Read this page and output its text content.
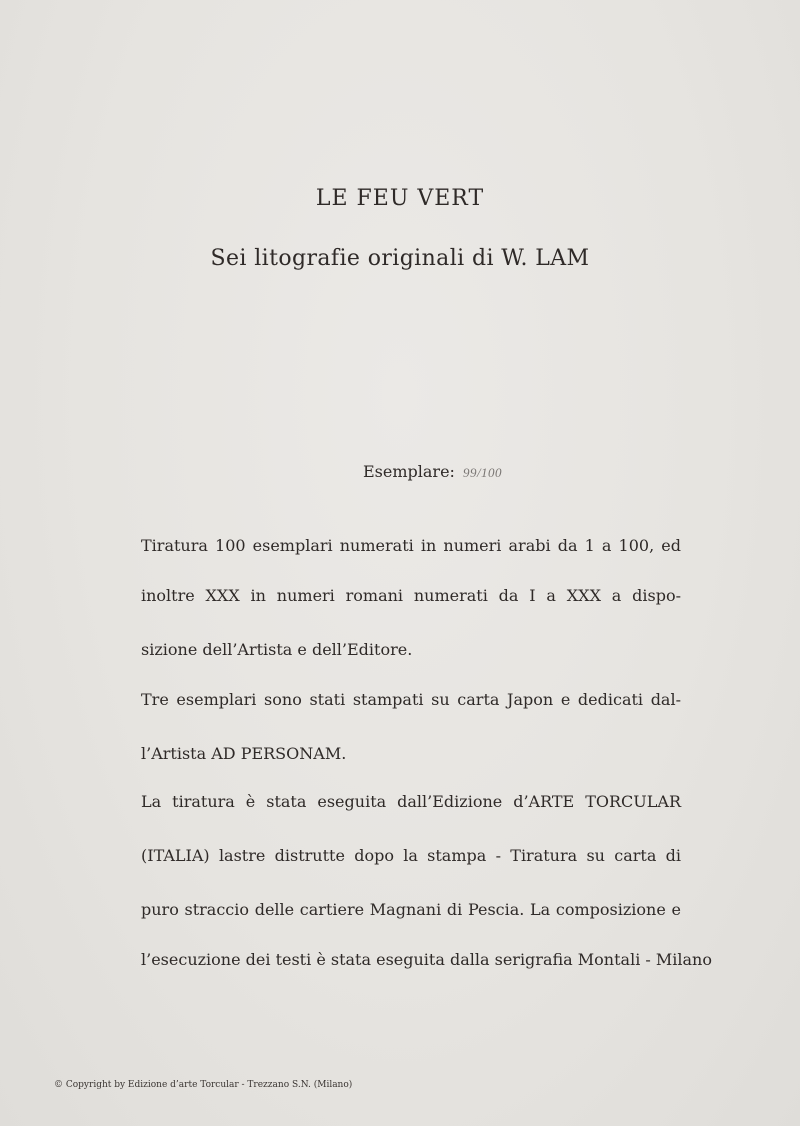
LE FEU VERT
Sei litografie originali di W. LAM
Esemplare: 99/100
Tiratura 100 esemplari numerati in numeri arabi da 1 a 100, ed
inoltre XXX in numeri romani numerati da I a XXX a dispo-
sizione dell’Artista e dell’Editore.
Tre esemplari sono stati stampati su carta Japon e dedicati dal-
l’Artista AD PERSONAM.
La tiratura è stata eseguita dall’Edizione d’ARTE TORCULAR
(ITALIA) lastre distrutte dopo la stampa - Tiratura su carta di
puro straccio delle cartiere Magnani di Pescia. La composizione e
l’esecuzione dei testi è stata eseguita dalla serigrafia Montali - Milano
© Copyright by Edizione d’arte Torcular - Trezzano S.N. (Milano)
